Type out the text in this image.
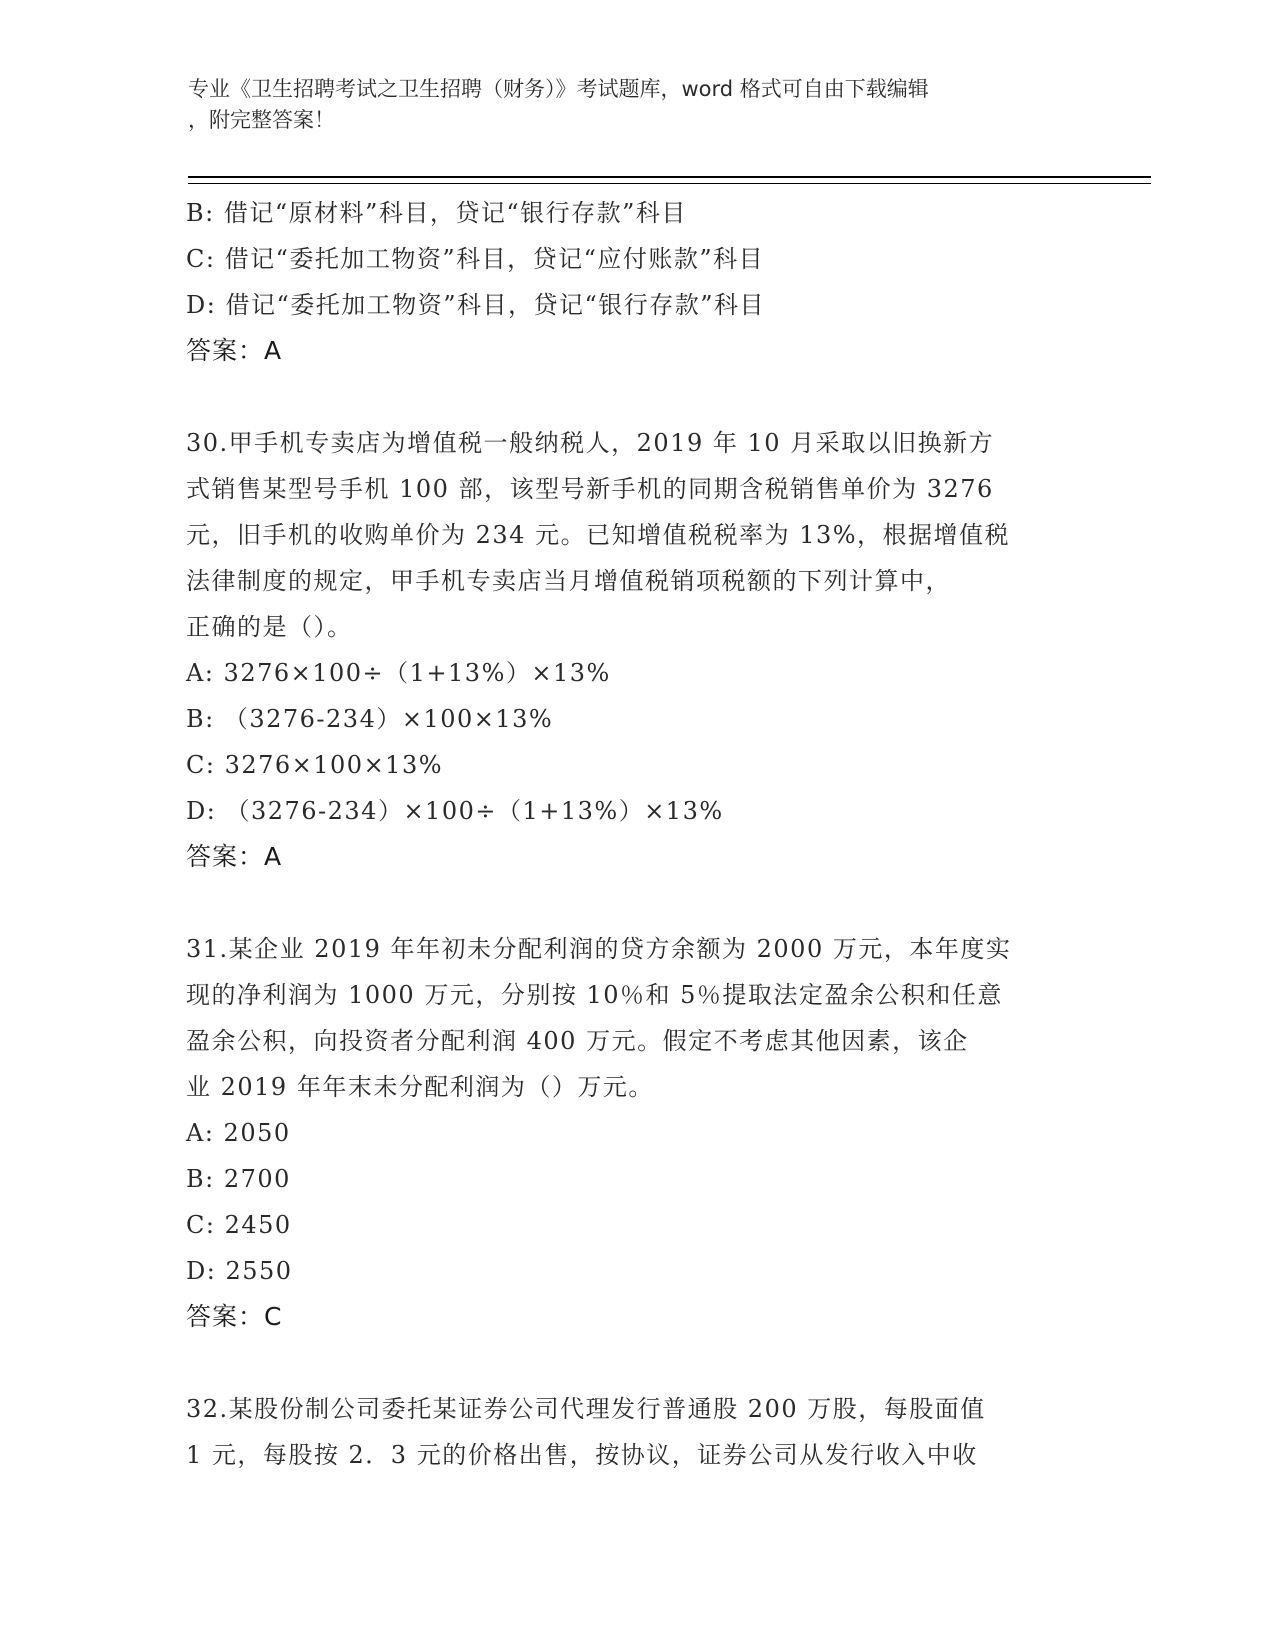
专业《卫生招聘考试之卫生招聘（财务）》考试题库，word 格式可自由下载编辑
，附完整答案！
B: 借记“原材料”科目，贷记“银行存款”科目
C: 借记“委托加工物资”科目，贷记“应付账款”科目
D: 借记“委托加工物资”科目，贷记“银行存款”科目
答案：A
30.甲手机专卖店为增值税一般纳税人，2019 年 10 月采取以旧换新方
式销售某型号手机 100 部，该型号新手机的同期含税销售单价为 3276
元，旧手机的收购单价为 234 元。已知增值税税率为 13%，根据增值税
法律制度的规定，甲手机专卖店当月增值税销项税额的下列计算中，
正确的是（）。
A: 3276×100÷（1+13%）×13%
B: （3276-234）×100×13%
C: 3276×100×13%
D: （3276-234）×100÷（1+13%）×13%
答案：A
31.某企业 2019 年年初未分配利润的贷方余额为 2000 万元，本年度实
现的净利润为 1000 万元，分别按 10％和 5％提取法定盈余公积和任意
盈余公积，向投资者分配利润 400 万元。假定不考虑其他因素，该企
业 2019 年年末未分配利润为（）万元。
A: 2050
B: 2700
C: 2450
D: 2550
答案：C
32.某股份制公司委托某证券公司代理发行普通股 200 万股，每股面值
1 元，每股按 2．3 元的价格出售，按协议，证券公司从发行收入中收
